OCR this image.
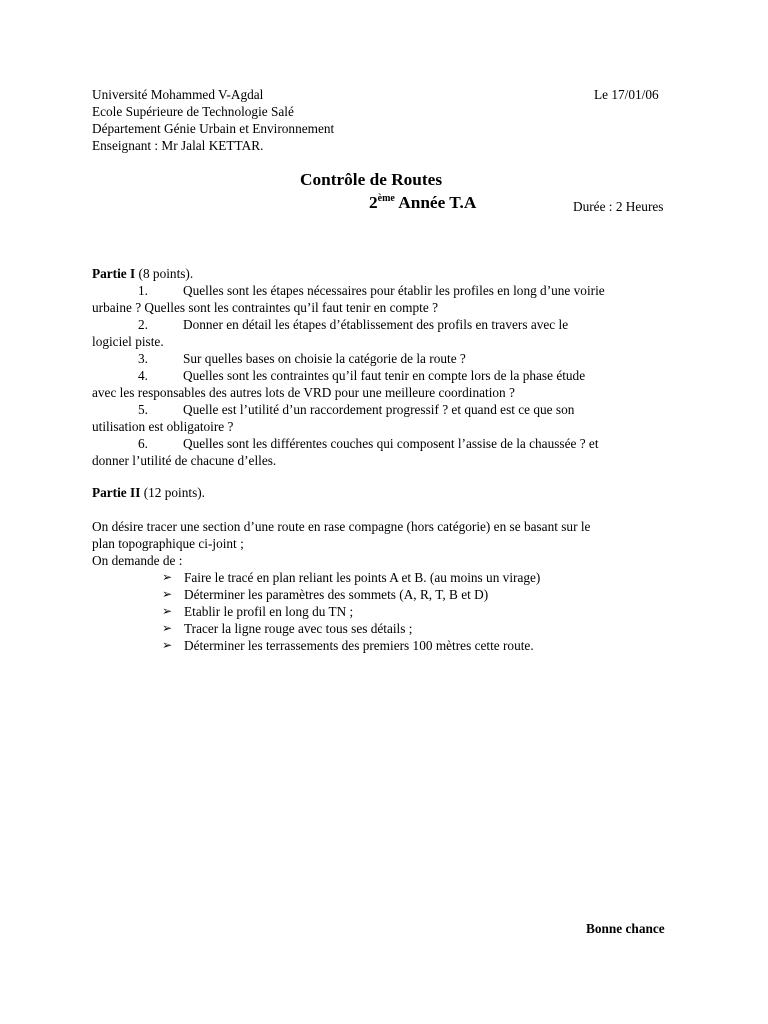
Université Mohammed V-Agdal
Ecole Supérieure de Technologie Salé
Département Génie Urbain et Environnement
Enseignant : Mr Jalal KETTAR.
Le 17/01/06
Contrôle de Routes
2ème Année T.A	Durée : 2 Heures
Partie I (8 points).
1.	Quelles sont les étapes nécessaires pour établir les profiles en long d’une voirie
urbaine ? Quelles sont les contraintes qu’il faut tenir en compte ?
2.	Donner en détail les étapes d’établissement des profils en travers avec le
logiciel piste.
3.	Sur quelles bases on choisie la catégorie de la route ?
4.	Quelles sont les contraintes qu’il faut tenir en compte lors de la phase étude
avec les responsables des autres lots de VRD pour une meilleure coordination ?
5.	Quelle est l’utilité d’un raccordement progressif ? et quand est ce que son
utilisation est obligatoire ?
6.	Quelles sont les différentes couches qui composent l’assise de la chaussée ? et
donner l’utilité de chacune d’elles.
Partie II (12 points).

On désire tracer une section d’une route en rase compagne (hors catégorie) en se basant sur le
plan topographique ci-joint ;
On demande de :

➢ Faire le tracé en plan reliant les points A et B. (au moins un virage)
➢ Déterminer les paramètres des sommets (A, R, T, B et D)
➢ Etablir le profil en long du TN ;
➢ Tracer la ligne rouge avec tous ses détails ;
➢ Déterminer les terrassements des premiers 100 mètres cette route.
Bonne chance
